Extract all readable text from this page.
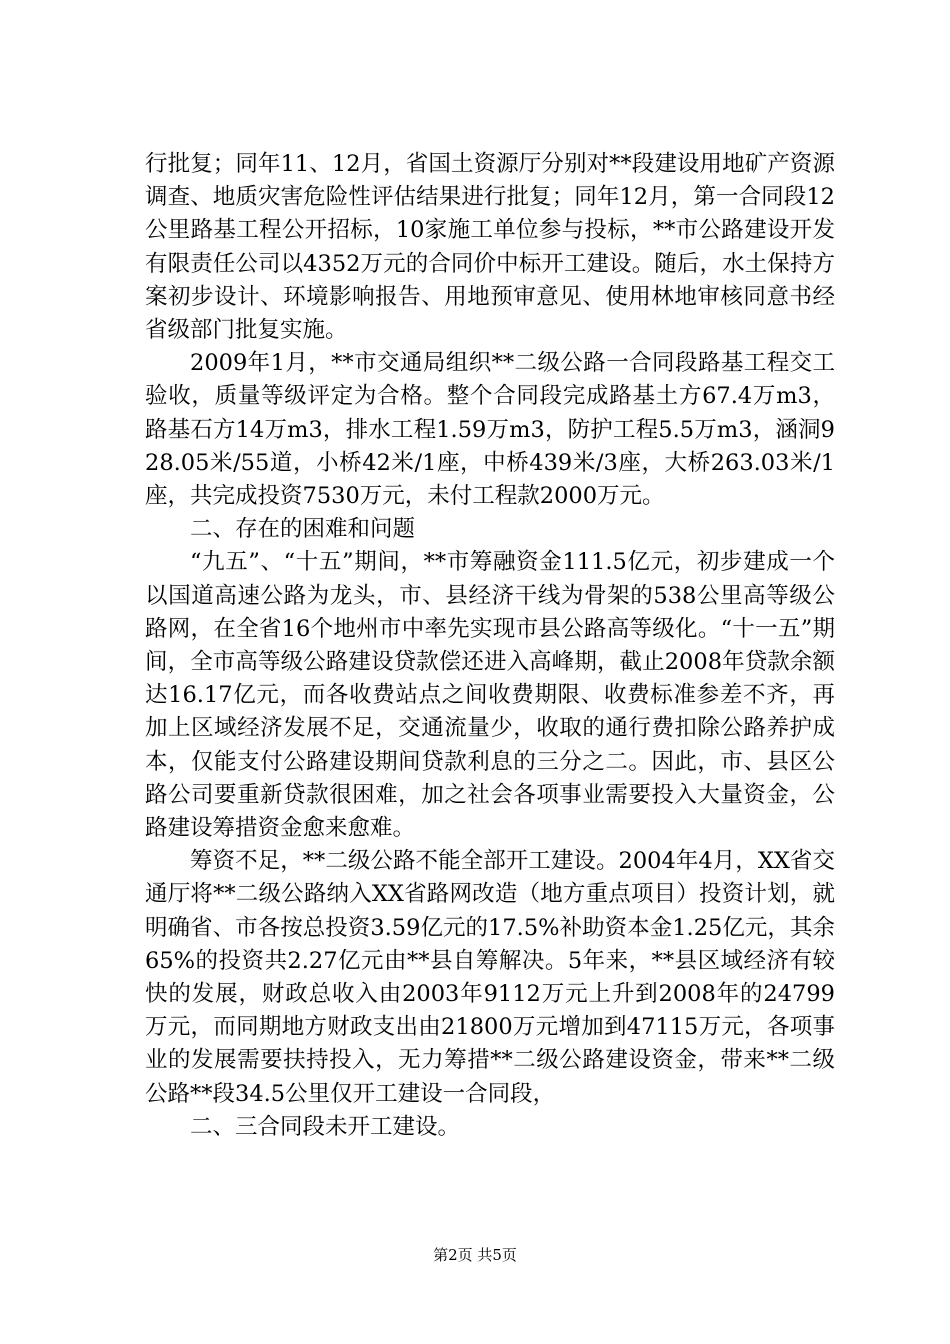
行批复；同年11、12月，省国土资源厅分别对**段建设用地矿产资源调查、地质灾害危险性评估结果进行批复；同年12月，第一合同段12公里路基工程公开招标，10家施工单位参与投标，**市公路建设开发有限责任公司以4352万元的合同价中标开工建设。随后，水土保持方案初步设计、环境影响报告、用地预审意见、使用林地审核同意书经省级部门批复实施。

2009年1月，**市交通局组织**二级公路一合同段路基工程交工验收，质量等级评定为合格。整个合同段完成路基土方67.4万m3，路基石方14万m3，排水工程1.59万m3，防护工程5.5万m3，涵洞928.05米/55道，小桥42米/1座，中桥439米/3座，大桥263.03米/1座，共完成投资7530万元，未付工程款2000万元。

二、存在的困难和问题

“九五”、“十五”期间，**市筹融资金111.5亿元，初步建成一个以国道高速公路为龙头，市、县经济干线为骨架的538公里高等级公路网，在全省16个地州市中率先实现市县公路高等级化。“十一五”期间，全市高等级公路建设贷款偿还进入高峰期，截止2008年贷款余额达16.17亿元，而各收费站点之间收费期限、收费标准参差不齐，再加上区域经济发展不足，交通流量少，收取的通行费扣除公路养护成本，仅能支付公路建设期间贷款利息的三分之二。因此，市、县区公路公司要重新贷款很困难，加之社会各项事业需要投入大量资金，公路建设筹措资金愈来愈难。

筹资不足，**二级公路不能全部开工建设。2004年4月，XX省交通厅将**二级公路纳入XX省路网改造（地方重点项目）投资计划，就明确省、市各按总投资3.59亿元的17.5%补助资本金1.25亿元，其余65%的投资共2.27亿元由**县自筹解决。5年来，**县区域经济有较快的发展，财政总收入由2003年9112万元上升到2008年的24799万元，而同期地方财政支出由21800万元增加到47115万元，各项事业的发展需要扶持投入，无力筹措**二级公路建设资金，带来**二级公路**段34.5公里仅开工建设一合同段，

二、三合同段未开工建设。

第2页 共5页
